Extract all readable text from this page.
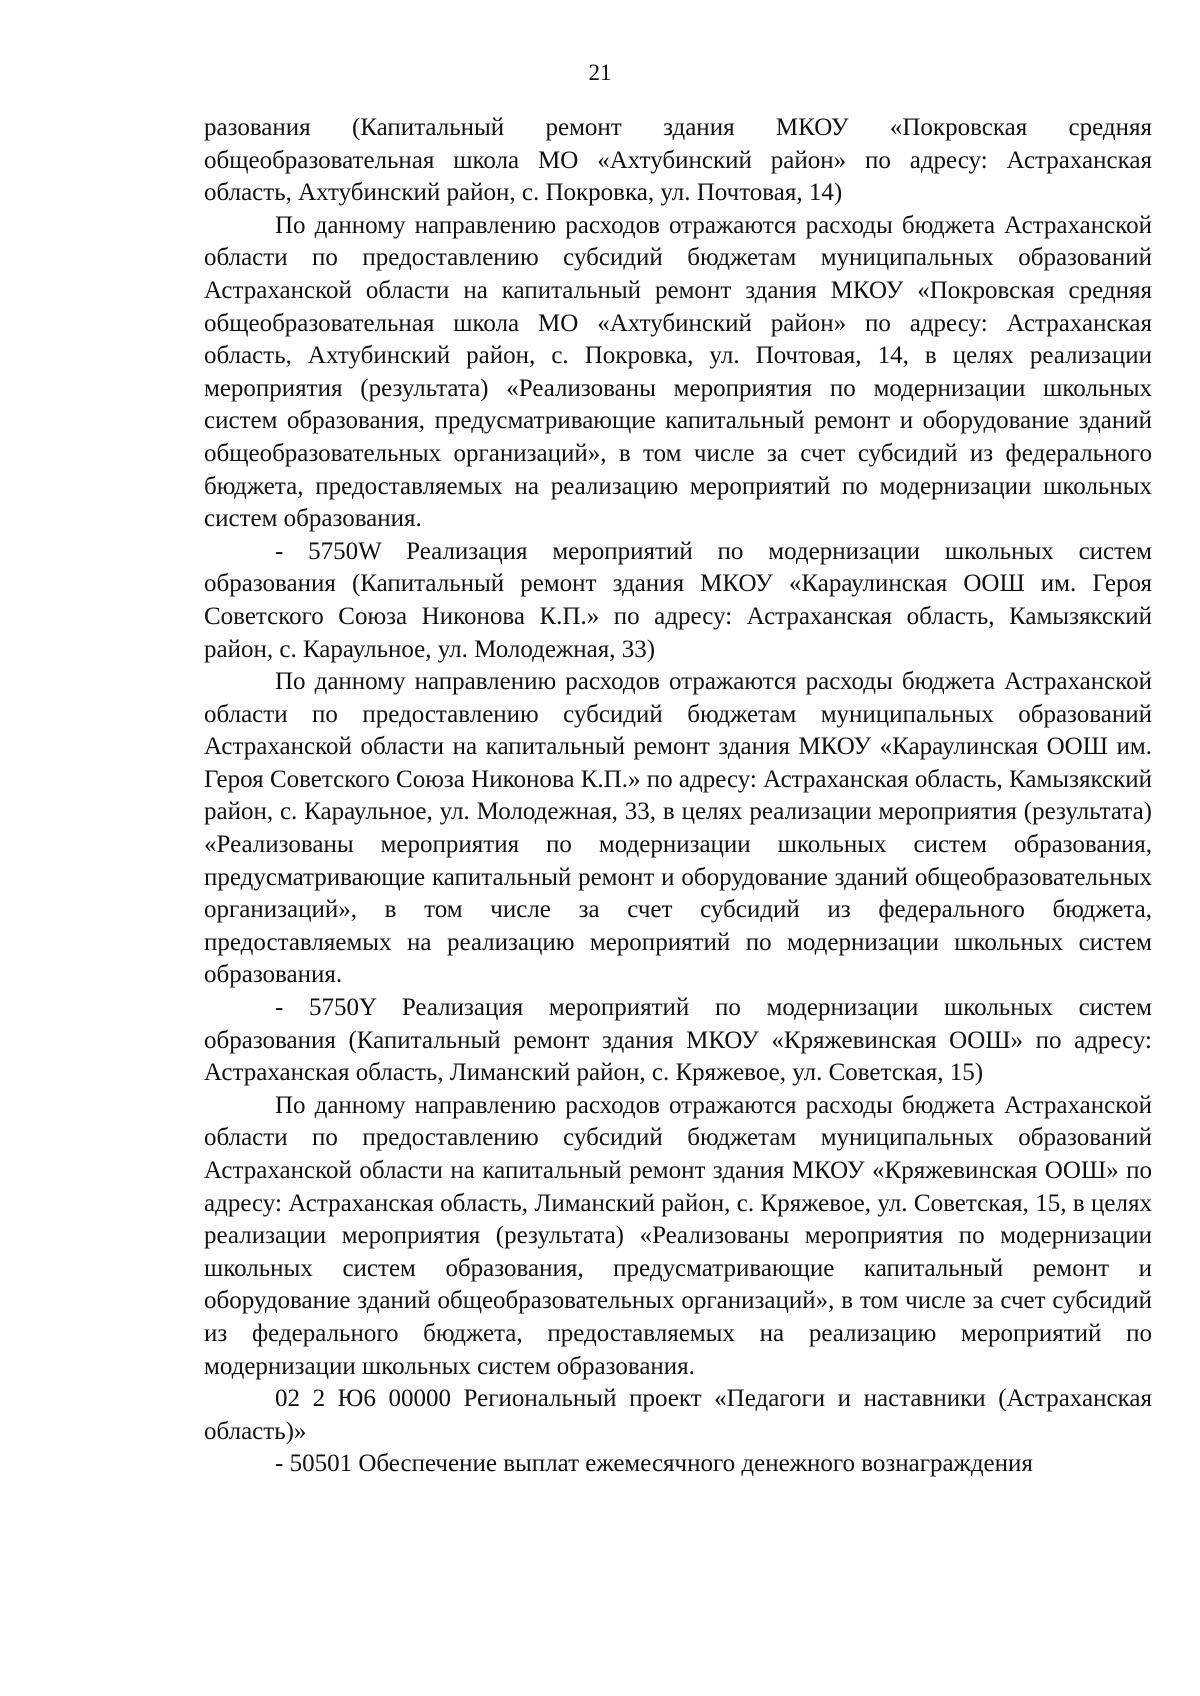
21

разования (Капитальный ремонт здания МКОУ «Покровская средняя общеобразовательная школа МО «Ахтубинский район» по адресу: Астраханская область, Ахтубинский район, с. Покровка, ул. Почтовая, 14)

По данному направлению расходов отражаются расходы бюджета Астраханской области по предоставлению субсидий бюджетам муниципальных образований Астраханской области на капитальный ремонт здания МКОУ «Покровская средняя общеобразовательная школа МО «Ахтубинский район» по адресу: Астраханская область, Ахтубинский район, с. Покровка, ул. Почтовая, 14, в целях реализации мероприятия (результата) «Реализованы мероприятия по модернизации школьных систем образования, предусматривающие капитальный ремонт и оборудование зданий общеобразовательных организаций», в том числе за счет субсидий из федерального бюджета, предоставляемых на реализацию мероприятий по модернизации школьных систем образования.

- 5750W Реализация мероприятий по модернизации школьных систем образования (Капитальный ремонт здания МКОУ «Караулинская ООШ им. Героя Советского Союза Никонова К.П.» по адресу: Астраханская область, Камызякский район, с. Караульное, ул. Молодежная, 33)

По данному направлению расходов отражаются расходы бюджета Астраханской области по предоставлению субсидий бюджетам муниципальных образований Астраханской области на капитальный ремонт здания МКОУ «Караулинская ООШ им. Героя Советского Союза Никонова К.П.» по адресу: Астраханская область, Камызякский район, с. Караульное, ул. Молодежная, 33, в целях реализации мероприятия (результата) «Реализованы мероприятия по модернизации школьных систем образования, предусматривающие капитальный ремонт и оборудование зданий общеобразовательных организаций», в том числе за счет субсидий из федерального бюджета, предоставляемых на реализацию мероприятий по модернизации школьных систем образования.

- 5750Y Реализация мероприятий по модернизации школьных систем образования (Капитальный ремонт здания МКОУ «Кряжевинская ООШ» по адресу: Астраханская область, Лиманский район, с. Кряжевое, ул. Советская, 15)

По данному направлению расходов отражаются расходы бюджета Астраханской области по предоставлению субсидий бюджетам муниципальных образований Астраханской области на капитальный ремонт здания МКОУ «Кряжевинская ООШ» по адресу: Астраханская область, Лиманский район, с. Кряжевое, ул. Советская, 15, в целях реализации мероприятия (результата) «Реализованы мероприятия по модернизации школьных систем образования, предусматривающие капитальный ремонт и оборудование зданий общеобразовательных организаций», в том числе за счет субсидий из федерального бюджета, предоставляемых на реализацию мероприятий по модернизации школьных систем образования.

02 2 Ю6 00000 Региональный проект «Педагоги и наставники (Астраханская область)»

- 50501 Обеспечение выплат ежемесячного денежного вознаграждения
